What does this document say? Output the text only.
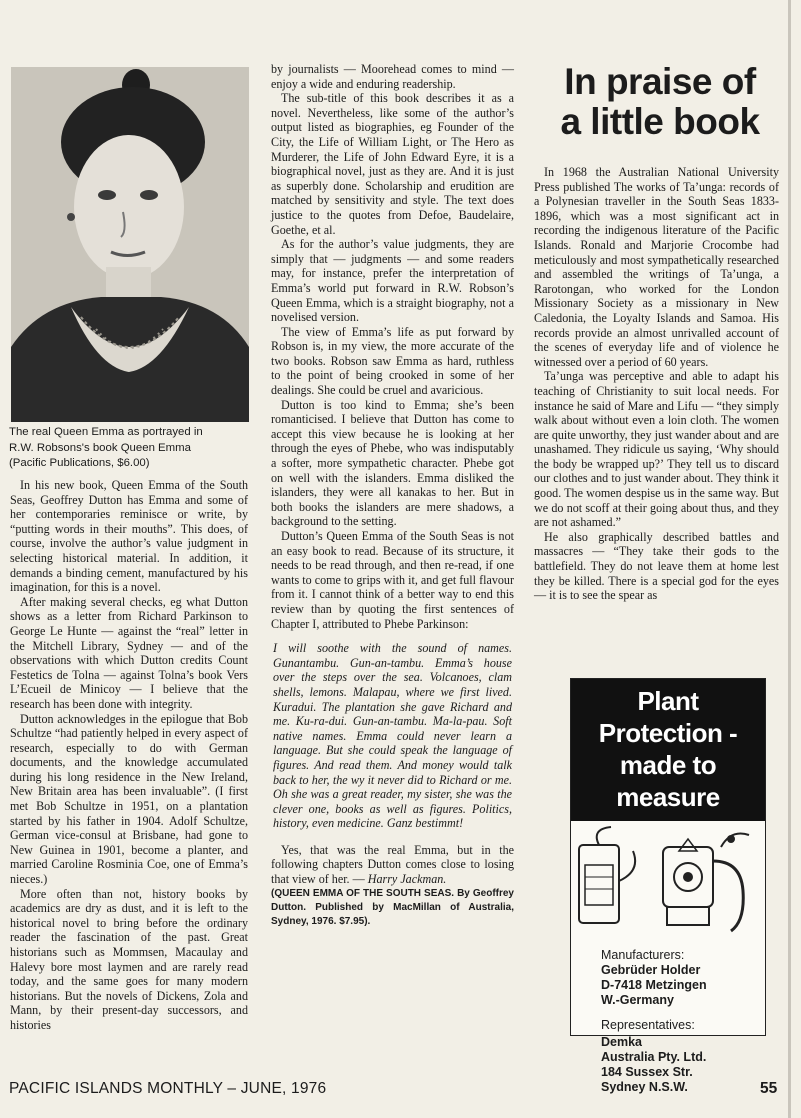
The real Queen Emma as portrayed in
R.W. Robsons's book Queen Emma
(Pacific Publications, $6.00)

In his new book, Queen Emma of the South Seas, Geoffrey Dutton has Emma and some of her contemporaries reminisce or write, by “putting words in their mouths”. This does, of course, involve the author’s value judgment in selecting historical material. In addition, it demands a binding cement, manufactured by his imagination, for this is a novel.

After making several checks, eg what Dutton shows as a letter from Richard Parkinson to George Le Hunte — against the “real” letter in the Mitchell Library, Sydney — and of the observations with which Dutton credits Count Festetics de Tolna — against Tolna’s book Vers L’Ecueil de Minicoy — I believe that the research has been done with integrity.

Dutton acknowledges in the epilogue that Bob Schultze “had patiently helped in every aspect of research, especially to do with German documents, and the knowledge accumulated during his long residence in the New Ireland, New Britain area has been invaluable”. (I first met Bob Schultze in 1951, on a plantation started by his father in 1904. Adolf Schultze, German vice-consul at Brisbane, had gone to New Guinea in 1901, become a planter, and married Caroline Rosminia Coe, one of Emma’s nieces.)

More often than not, history books by academics are dry as dust, and it is left to the historical novel to bring before the ordinary reader the fascination of the past. Great historians such as Mommsen, Macaulay and Halevy bore most laymen and are rarely read today, and the same goes for many modern historians. But the novels of Dickens, Zola and Mann, by their present-day successors, and histories

by journalists — Moorehead comes to mind — enjoy a wide and enduring readership.

The sub-title of this book describes it as a novel. Nevertheless, like some of the author’s output listed as biographies, eg Founder of the City, the Life of William Light, or The Hero as Murderer, the Life of John Edward Eyre, it is a biographical novel, just as they are. And it is just as superbly done. Scholarship and erudition are matched by sensitivity and style. The text does justice to the quotes from Defoe, Baudelaire, Goethe, et al.

As for the author’s value judgments, they are simply that — judgments — and some readers may, for instance, prefer the interpretation of Emma’s world put forward in R.W. Robson’s Queen Emma, which is a straight biography, not a novelised version.

The view of Emma’s life as put forward by Robson is, in my view, the more accurate of the two books. Robson saw Emma as hard, ruthless to the point of being crooked in some of her dealings. She could be cruel and avaricious.

Dutton is too kind to Emma; she’s been romanticised. I believe that Dutton has come to accept this view because he is looking at her through the eyes of Phebe, who was indisputably a softer, more sympathetic character. Phebe got on well with the islanders. Emma disliked the islanders, they were all kanakas to her. But in both books the islanders are mere shadows, a background to the setting.

Dutton’s Queen Emma of the South Seas is not an easy book to read. Because of its structure, it needs to be read through, and then re-read, if one wants to come to grips with it, and get full flavour from it. I cannot think of a better way to end this review than by quoting the first sentences of Chapter I, attributed to Phebe Parkinson:

I will soothe with the sound of names. Gunantambu. Gun-an-tambu. Emma’s house over the steps over the sea. Volcanoes, clam shells, lemons. Malapau, where we first lived. Kuradui. The plantation she gave Richard and me. Ku-ra-dui. Gun-an-tambu. Ma-la-pau. Soft native names. Emma could never learn a language. But she could speak the language of figures. And read them. And money would talk back to her, the wy it never did to Richard or me. Oh she was a great reader, my sister, she was the clever one, books as well as figures. Politics, history, even medicine. Ganz bestimmt!

Yes, that was the real Emma, but in the following chapters Dutton comes close to losing that view of her. — Harry Jackman.

(QUEEN EMMA OF THE SOUTH SEAS. By Geoffrey Dutton. Published by MacMillan of Australia, Sydney, 1976. $7.95).

In praise of
a little book

In 1968 the Australian National University Press published The works of Ta’unga: records of a Polynesian traveller in the South Seas 1833-1896, which was a most significant act in recording the indigenous literature of the Pacific Islands. Ronald and Marjorie Crocombe had meticulously and most sympathetically researched and assembled the writings of Ta’unga, a Rarotongan, who worked for the London Missionary Society as a missionary in New Caledonia, the Loyalty Islands and Samoa. His records provide an almost unrivalled account of the scenes of everyday life and of violence he witnessed over a period of 60 years.

Ta’unga was perceptive and able to adapt his teaching of Christianity to suit local needs. For instance he said of Mare and Lifu — “they simply walk about without even a loin cloth. The women are quite unworthy, they just wander about and are unashamed. They ridicule us saying, ‘Why should the body be wrapped up?’ They tell us to discard our clothes and to just wander about. They think it good. The women despise us in the same way. But we do not scoff at their going about thus, and they are not ashamed.”

He also graphically described battles and massacres — “They take their gods to the battlefield. They do not leave them at home lest they be killed. There is a special god for the eyes — it is to see the spear as

Plant Protection -
made to measure
Manufacturers:
Gebrüder Holder
D-7418 Metzingen
W.-Germany
Representatives:
Demka
Australia Pty. Ltd.
184 Sussex Str.
Sydney N.S.W.
PACIFIC ISLANDS MONTHLY – JUNE, 1976	55
